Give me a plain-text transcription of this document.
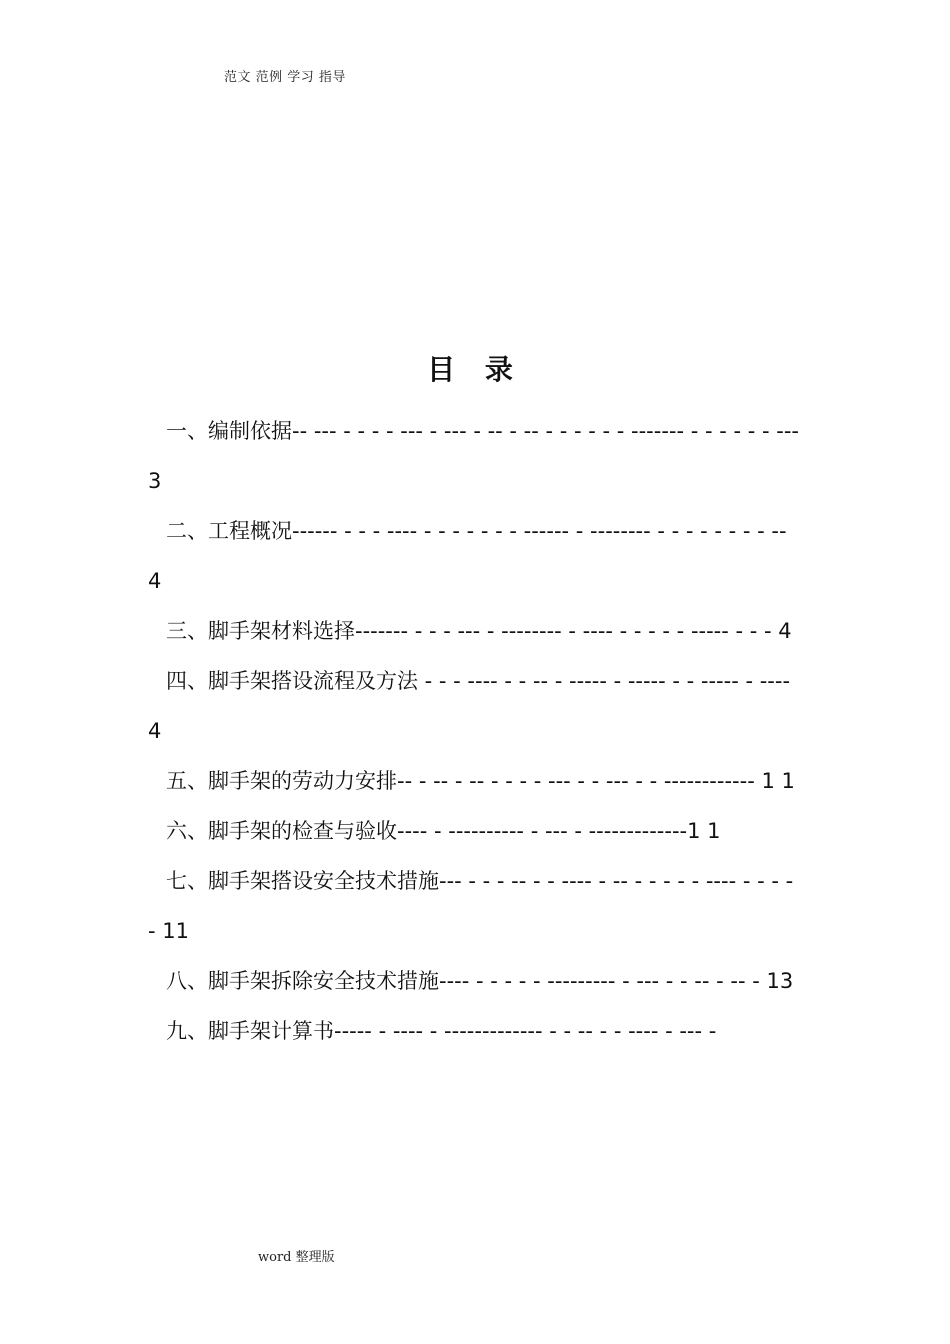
范文 范例 学习 指导
目 录
一、编制依据-- --- - - - - --- - --- - -- - -- - - - - - - ------- - - - - - - ---3
二、工程概况------ - - - ---- - - - - - - - ------ - -------- - - - - - - - - -- 4
三、脚手架材料选择------- - - - --- - -------- - ---- - - - - - ----- - - - 4
四、脚手架搭设流程及方法 - - - ---- - - -- - ----- - ----- - - ----- - ----4
五、脚手架的劳动力安排-- - -- - -- - - - - --- - - --- - - ------------ 1 1
六、脚手架的检查与验收---- - ---------- - --- - -------------1 1
七、脚手架搭设安全技术措施--- - - - -- - - ---- - -- - - - - - ---- - - - - - 11
八、脚手架拆除安全技术措施---- - - - - - --------- - --- - - -- - -- - 13
九、脚手架计算书----- - ---- - ------------- - - -- - - ---- - --- -
word 整理版
